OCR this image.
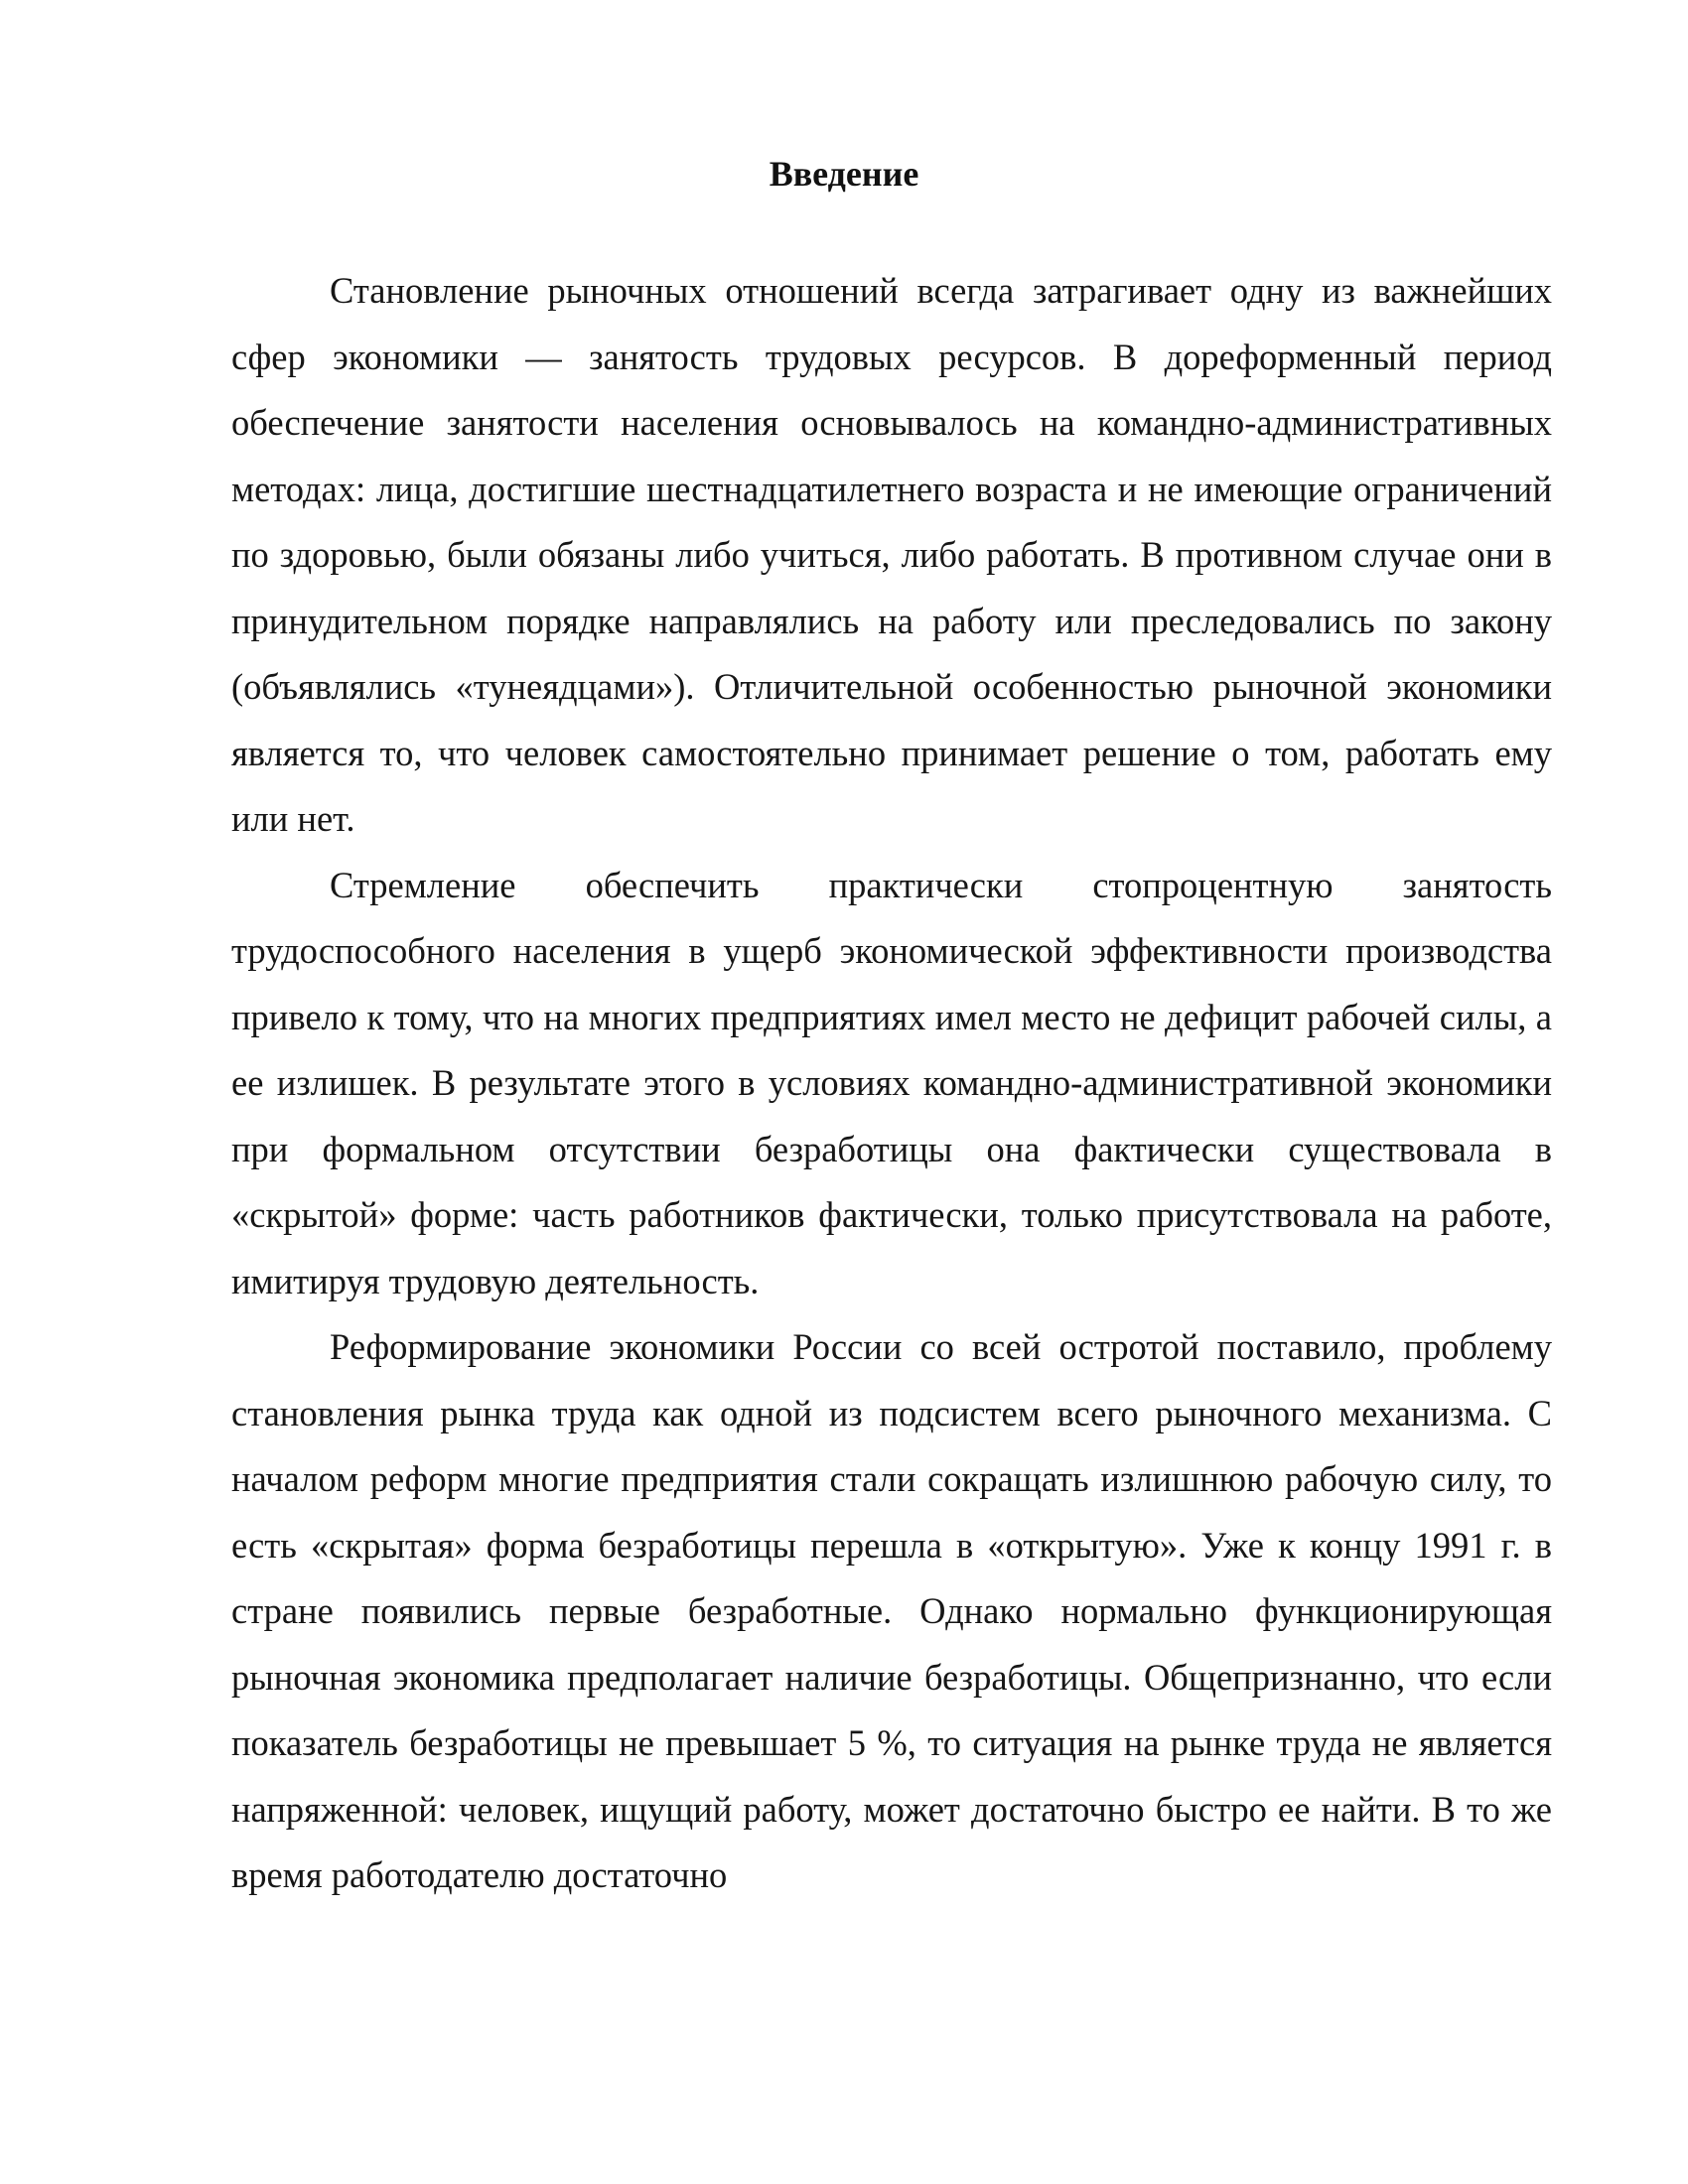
Введение

Становление рыночных отношений всегда затрагивает одну из важнейших сфер экономики — занятость трудовых ресурсов. В дореформенный период обеспечение занятости населения основывалось на командно-административных методах: лица, достигшие шестнадцатилетнего возраста и не имеющие ограничений по здоровью, были обязаны либо учиться, либо работать. В противном случае они в принудительном порядке направлялись на работу или преследовались по закону (объявлялись «тунеядцами»). Отличительной особенностью рыночной экономики является то, что человек самостоятельно принимает решение о том, работать ему или нет.

Стремление обеспечить практически стопроцентную занятость трудоспособного населения в ущерб экономической эффективности производства привело к тому, что на многих предприятиях имел место не дефицит рабочей силы, а ее излишек. В результате этого в условиях командно-административной экономики при формальном отсутствии безработицы она фактически существовала в «скрытой» форме: часть работников фактически, только присутствовала на работе, имитируя трудовую деятельность.

Реформирование экономики России со всей остротой поставило, проблему становления рынка труда как одной из подсистем всего рыночного механизма. С началом реформ многие предприятия стали сокращать излишнюю рабочую силу, то есть «скрытая» форма безработицы перешла в «открытую». Уже к концу 1991 г. в стране появились первые безработные. Однако нормально функционирующая рыночная экономика предполагает наличие безработицы. Общепризнанно, что если показатель безработицы не превышает 5 %, то ситуация на рынке труда не является напряженной: человек, ищущий работу, может достаточно быстро ее найти. В то же время работодателю достаточно
